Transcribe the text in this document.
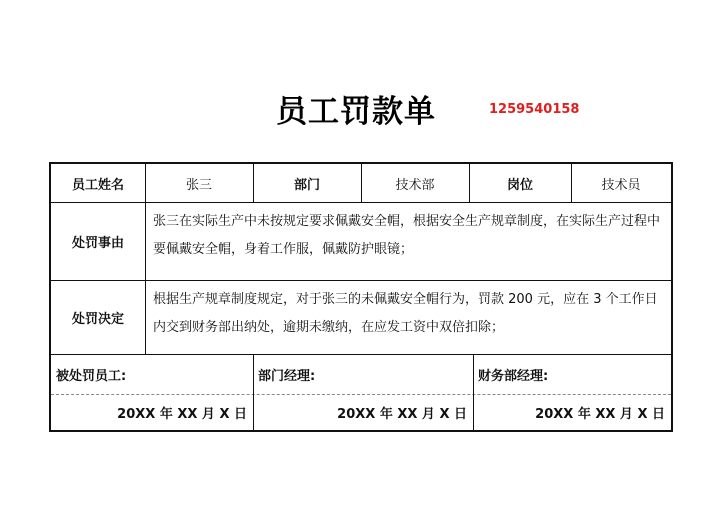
员工罚款单	1259540158
员工姓名	张三	部门	技术部	岗位	技术员
处罚事由
张三在实际生产中未按规定要求佩戴安全帽，根据安全生产规章制度，在实际生产过程中要佩戴安全帽，身着工作服，佩戴防护眼镜；
处罚决定
根据生产规章制度规定，对于张三的未佩戴安全帽行为，罚款 200 元，应在 3 个工作日内交到财务部出纳处，逾期未缴纳，在应发工资中双倍扣除；
被处罚员工:	部门经理:	财务部经理:
20XX 年 XX 月 X 日	20XX 年 XX 月 X 日	20XX 年 XX 月 X 日
